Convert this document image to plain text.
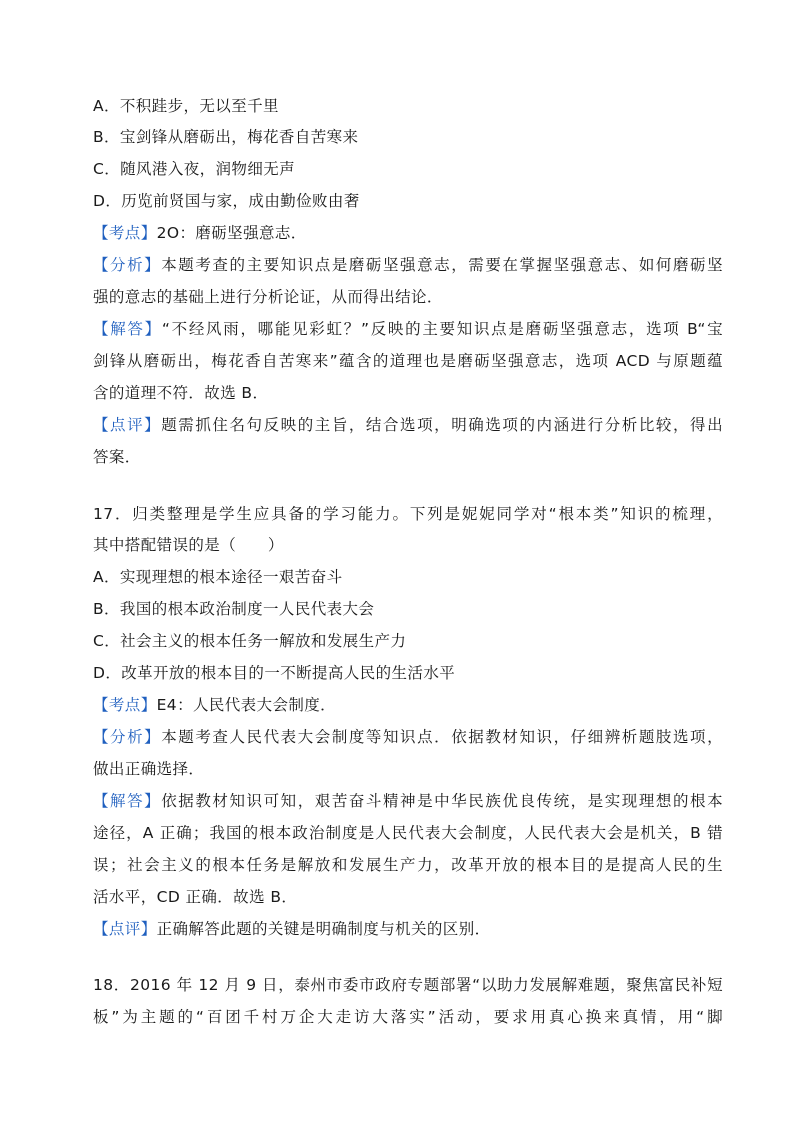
A．不积跬步，无以至千里
B．宝剑锋从磨砺出，梅花香自苦寒来
C．随风港入夜，润物细无声
D．历览前贤国与家，成由勤俭败由奢
【考点】2O：磨砺坚强意志．
【分析】本题考查的主要知识点是磨砺坚强意志，需要在掌握坚强意志、如何磨砺坚
强的意志的基础上进行分析论证，从而得出结论．
【解答】“不经风雨，哪能见彩虹？”反映的主要知识点是磨砺坚强意志，选项 B“宝
剑锋从磨砺出，梅花香自苦寒来”蕴含的道理也是磨砺坚强意志，选项 ACD 与原题蕴
含的道理不符．故选 B．
【点评】题需抓住名句反映的主旨，结合选项，明确选项的内涵进行分析比较，得出
答案．
17．归类整理是学生应具备的学习能力。下列是妮妮同学对“根本类”知识的梳理，
其中搭配错误的是（　　）
A．实现理想的根本途径一艰苦奋斗
B．我国的根本政治制度一人民代表大会
C．社会主义的根本任务一解放和发展生产力
D．改革开放的根本目的一不断提高人民的生活水平
【考点】E4：人民代表大会制度．
【分析】本题考查人民代表大会制度等知识点．依据教材知识，仔细辨析题肢选项，
做出正确选择．
【解答】依据教材知识可知，艰苦奋斗精神是中华民族优良传统，是实现理想的根本
途径，A 正确；我国的根本政治制度是人民代表大会制度，人民代表大会是机关，B 错
误；社会主义的根本任务是解放和发展生产力，改革开放的根本目的是提高人民的生
活水平，CD 正确．故选 B．
【点评】正确解答此题的关键是明确制度与机关的区别．
18．2016 年 12 月 9 日，泰州市委市政府专题部署“以助力发展解难题，聚焦富民补短
板”为主题的“百团千村万企大走访大落实”活动，要求用真心换来真情，用“脚
